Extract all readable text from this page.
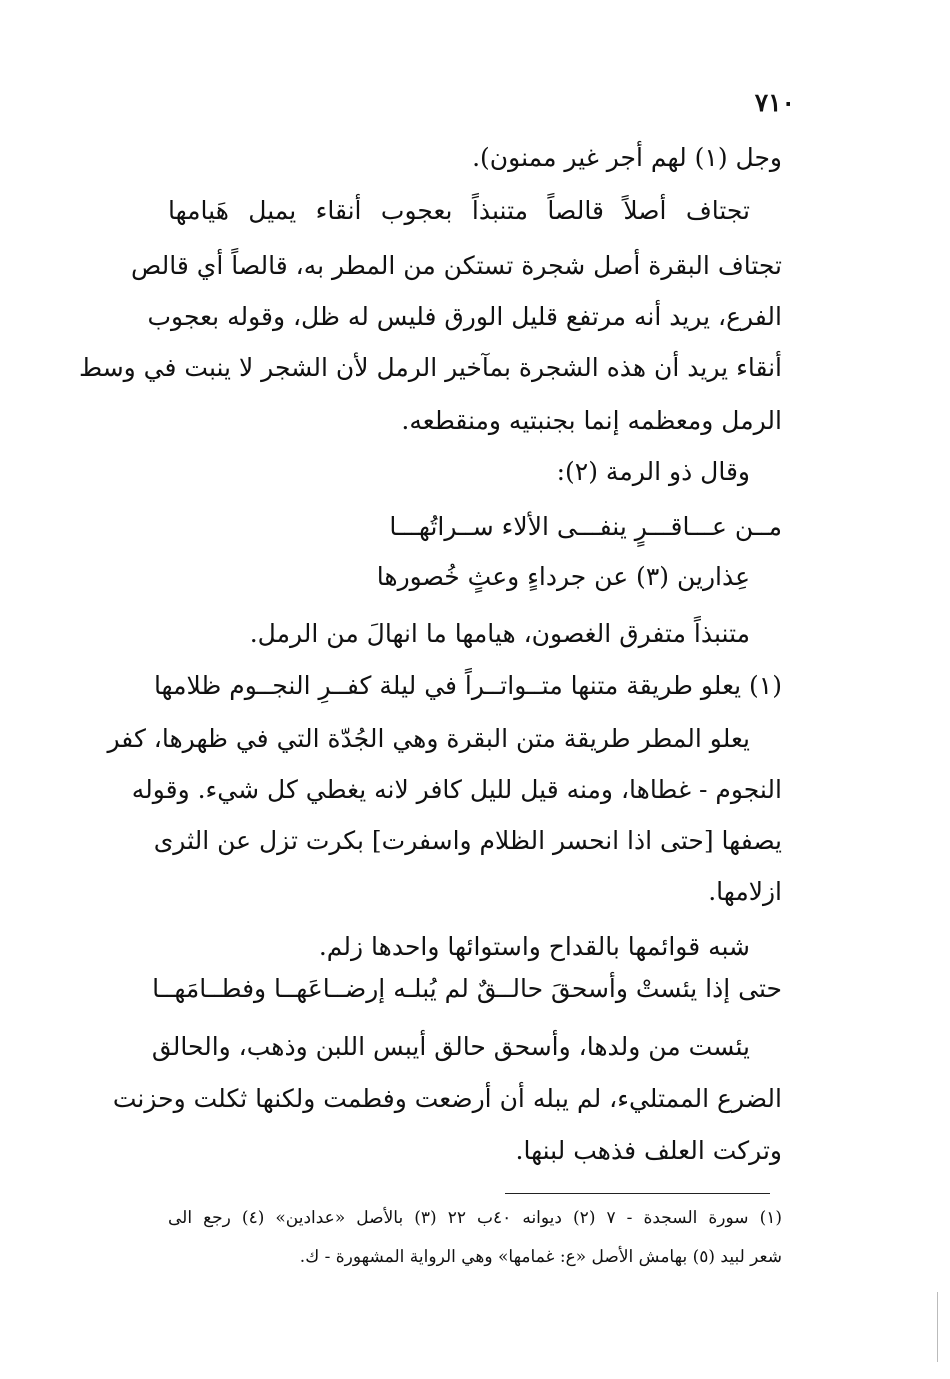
٧١٠
وجل (١) لهم أجر غير ممنون).
تجتاف أصلاً قالصاً متنبذاً بعجوب أنقاء يميل هَيامها
تجتاف البقرة أصل شجرة تستكن من المطر به، قالصاً أي قالص
الفرع، يريد أنه مرتفع قليل الورق فليس له ظل، وقوله بعجوب
أنقاء يريد أن هذه الشجرة بمآخير الرمل لأن الشجر لا ينبت في وسط
الرمل ومعظمه إنما بجنبتيه ومنقطعه.
وقال ذو الرمة (٢):
مــن عـــاقـــرٍ ينفـــى الألاء ســراتُهـــا
عِذارين (٣) عن جرداءٍ وعثٍ خُصورها
متنبذاً متفرق الغصون، هيامها ما انهالَ من الرمل.
(١) يعلو طريقة متنها متــواتــراً في ليلة كفــرِ النجــوم ظلامها
يعلو المطر طريقة متن البقرة وهي الجُدّة التي في ظهرها، كفر
النجوم - غطاها، ومنه قيل لليل كافر لانه يغطي كل شيء. وقوله
يصفها [حتى اذا انحسر الظلام واسفرت] بكرت تزل عن الثرى
ازلامها.
شبه قوائمها بالقداح واستوائها واحدها زلم.
حتى إذا يئستْ وأسحقَ حالــقٌ لم يُبلـه إرضــاعَهــا وفطــامَهــا
يئست من ولدها، وأسحق حالق أيبس اللبن وذهب، والحالق
الضرع الممتليء، لم يبله أن أرضعت وفطمت ولكنها ثكلت وحزنت
وتركت العلف فذهب لبنها.
(١) سورة السجدة - ٧ (٢) ديوانه ٤٠ب ٢٢ (٣) بالأصل «عدادين» (٤) رجع الى
شعر لبيد (٥) بهامش الأصل «ع: غمامها» وهي الرواية المشهورة - ك.
